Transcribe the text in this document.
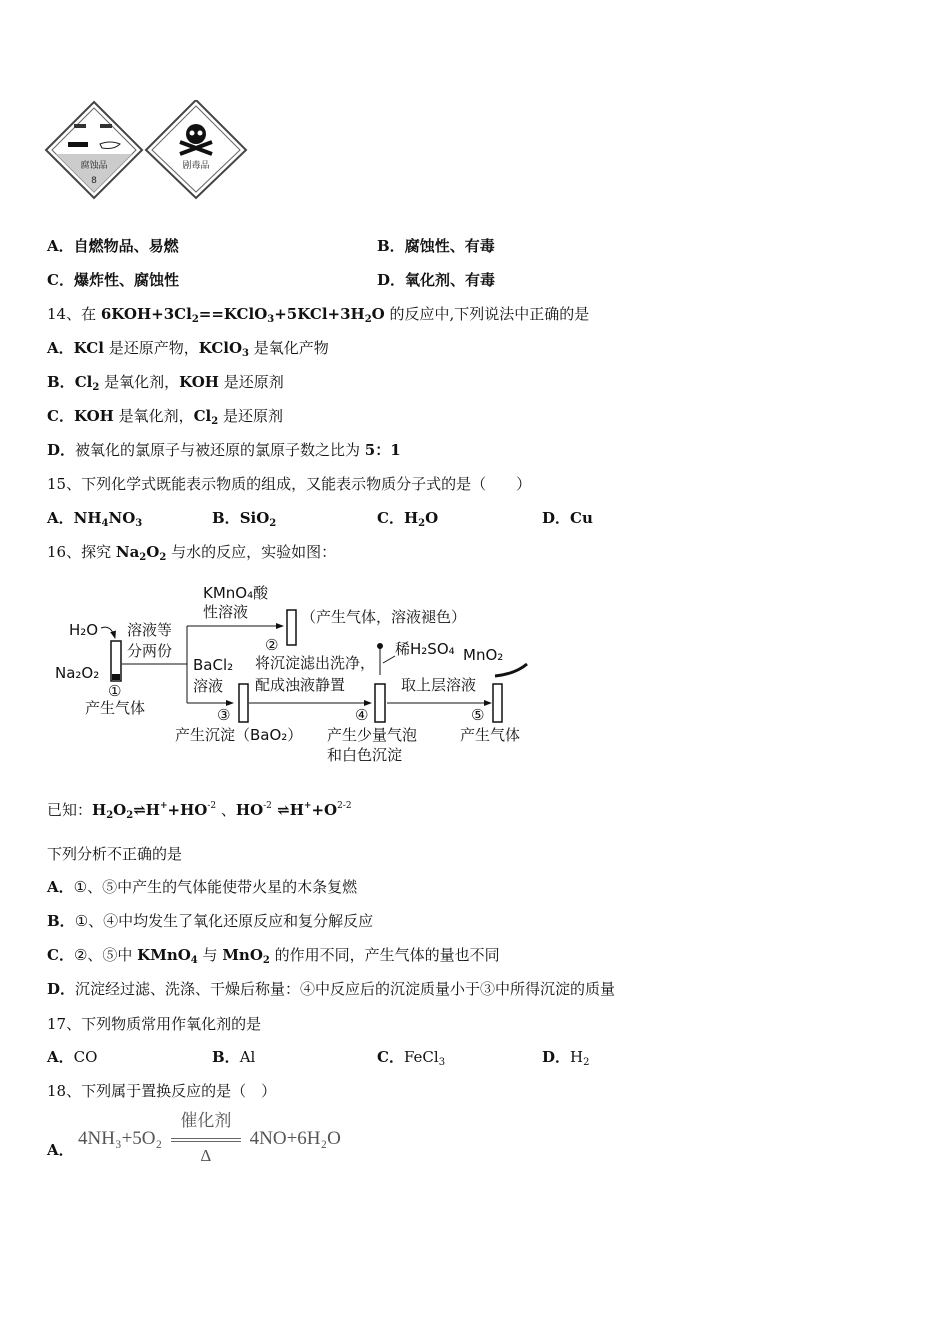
腐蚀品
8
剧毒品
A．自燃物品、易燃	B．腐蚀性、有毒
C．爆炸性、腐蚀性	D．氧化剂、有毒
14、在 $6KOH+3Cl_2==KClO_3+5KCl+3H_2O$ 的反应中,下列说法中正确的是
A．KCl 是还原产物，KClO$_3$ 是氧化产物
B．$Cl_2$ 是氧化剂，KOH 是还原剂
C．KOH 是氧化剂，$Cl_2$ 是还原剂
D．被氧化的氯原子与被还原的氯原子数之比为 5：1
15、下列化学式既能表示物质的组成，又能表示物质分子式的是（　　）
A．$NH_4NO_3$	B．SiO$_2$	C．$H_2O$	D．Cu
16、探究 $Na_2O_2$ 与水的反应，实验如图：
已知：$H_2O_2\rightleftharpoons H^++HO^{-2}$ 、$HO^{-2}$ $\rightleftharpoons H^++O^{2-2}$
下列分析不正确的是
A．①、⑤中产生的气体能使带火星的木条复燃
B．①、④中均发生了氧化还原反应和复分解反应
C．②、⑤中 KMnO$_4$ 与 MnO$_2$ 的作用不同，产生气体的量也不同
D．沉淀经过滤、洗涤、干燥后称量：④中反应后的沉淀质量小于③中所得沉淀的质量
17、下列物质常用作氧化剂的是
A．CO	B．Al	C．FeCl$_3$	D．$H_2$
18、下列属于置换反应的是（　）
A．
H₂O
Na₂O₂
①
产生气体
溶液等
分两份
KMnO₄酸
性溶液
②
（产生气体，溶液褪色）
BaCl₂
溶液
③
产生沉淀（BaO₂）
将沉淀滤出洗净，
配成浊液静置
稀H₂SO₄
④
产生少量气泡
和白色沉淀
取上层溶液
MnO₂
⑤
产生气体
$4NH_3+5O_2 \frac{\text{催化剂}}{\Delta} 4NO+6H_2O$
